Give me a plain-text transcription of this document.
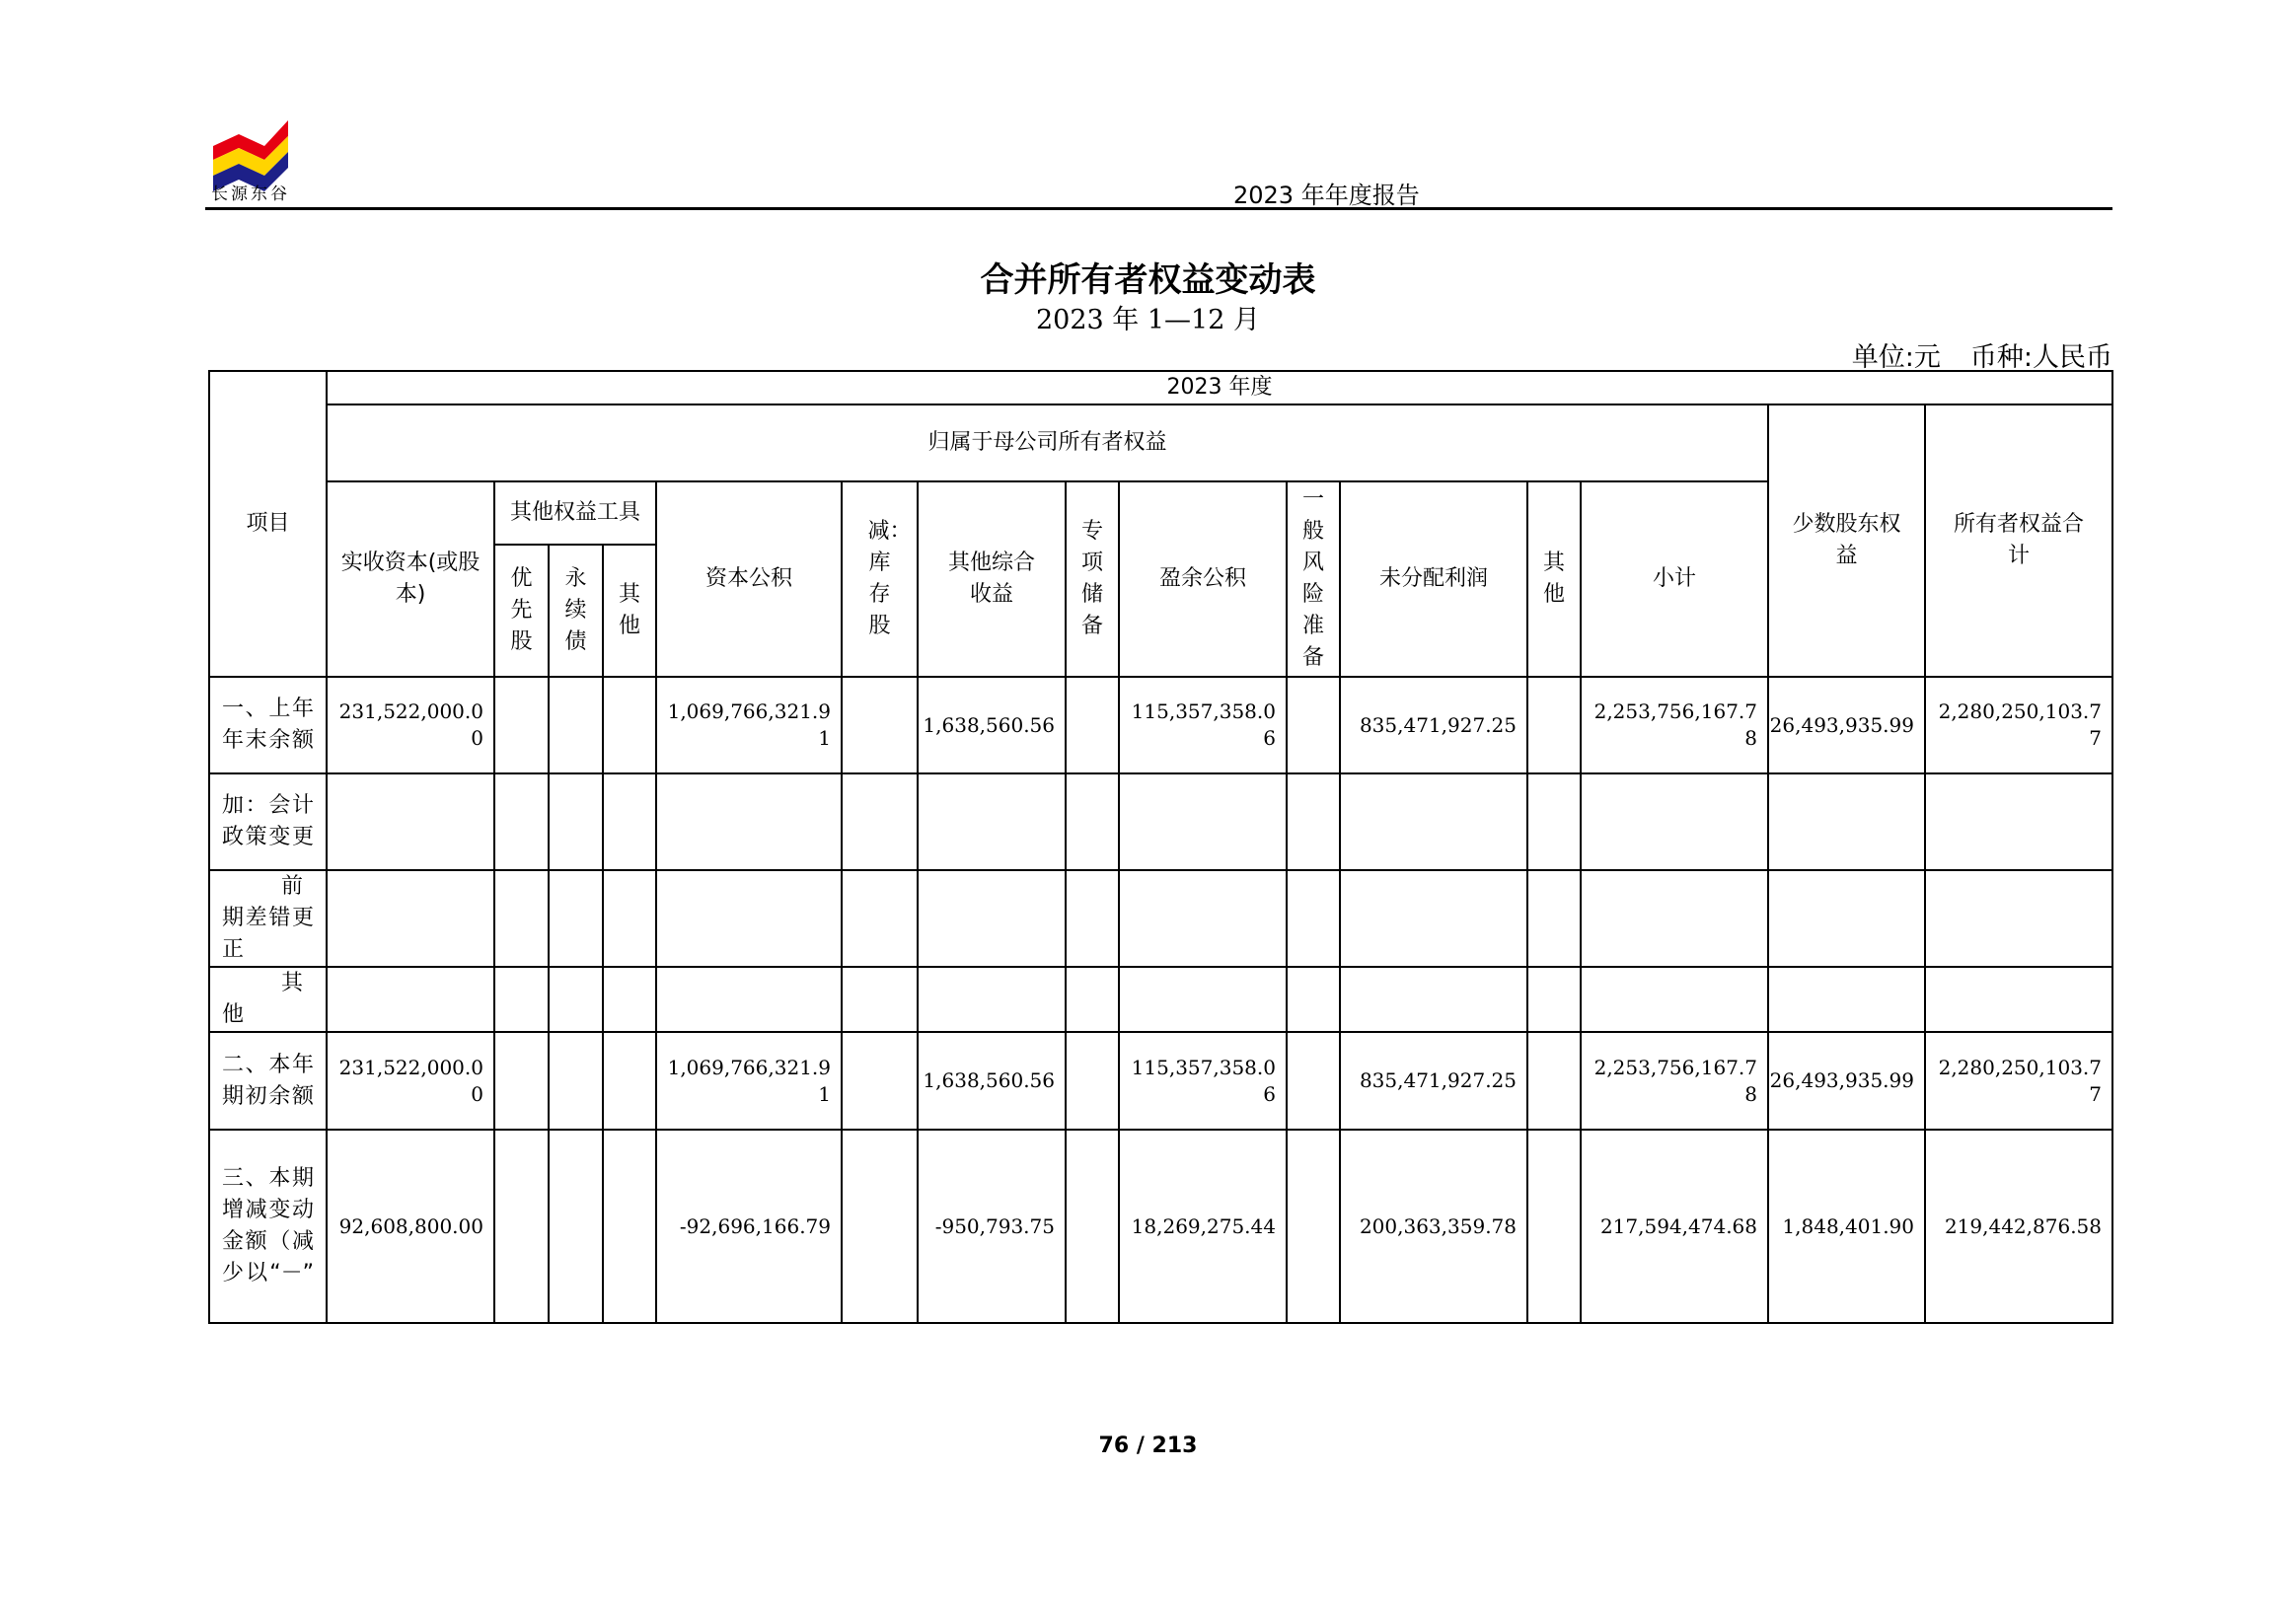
长源东谷	2023 年年度报告
合并所有者权益变动表
2023 年 1—12 月
单位:元 币种:人民币
项目	2023 年度														
	归属于母公司所有者权益													少数股东权益	所有者权益合计

	实收资本(或股本)	其他权益工具			资本公积	减：库存股	其他综合收益	专项储备	盈余公积	一般风险准备	未分配利润	其他	小计		

		优先股	永续债	其他											

一、上年年末余额	231,522,000.00				1,069,766,321.91		1,638,560.56		115,357,358.06		835,471,927.25		2,253,756,167.78	26,493,935.99	2,280,250,103.77

加：会计政策变更															

前期差错更正															

其他															

二、本年期初余额	231,522,000.00				1,069,766,321.91		1,638,560.56		115,357,358.06		835,471,927.25		2,253,756,167.78	26,493,935.99	2,280,250,103.77

三、本期增减变动金额（减少以“－”	92,608,800.00				-92,696,166.79		-950,793.75		18,269,275.44		200,363,359.78		217,594,474.68	1,848,401.90	219,442,876.58
76 / 213
